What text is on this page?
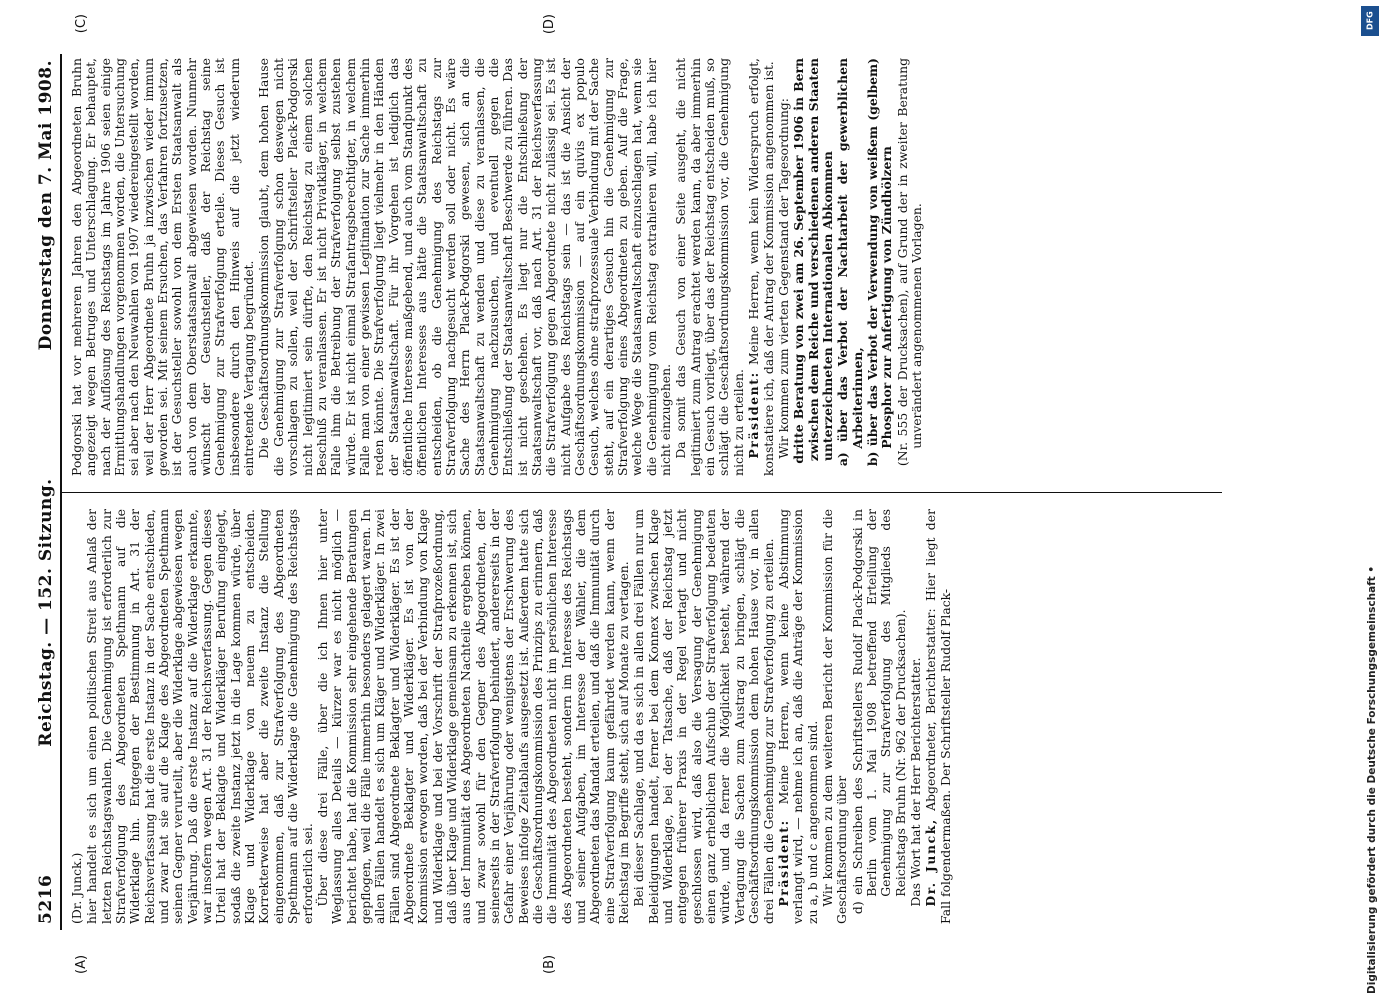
5216
Reichstag. — 152. Sitzung.
Donnerstag den 7. Mai 1908.
(A)	(B)
(C)	(D)

(Dr. Junck.) hier handelt es sich um einen politischen Streit aus Anlaß der letzten Reichstagswahlen. Die Genehmigung ist erforderlich zur Strafverfolgung des Abgeordneten Spethmann auf die Widerklage hin. Entgegen der Bestimmung in Art. 31 der Reichsverfassung hat die erste Instanz in der Sache entschieden, und zwar hat sie auf die Klage des Abgeordneten Spethmann seinen Gegner verurteilt, aber die Widerklage abgewiesen wegen Verjährung. Daß die erste Instanz auf die Widerklage erkannte, war insofern wegen Art. 31 der Reichsverfassung. Gegen dieses Urteil hat der Beklagte und Widerkläger Berufung eingelegt, sodaß die zweite Instanz jetzt in die Lage kommen würde, über Klage und Widerklage von neuem zu entscheiden. Korrekterweise hat aber die zweite Instanz die Stellung eingenommen, daß zur Strafverfolgung des Abgeordneten Spethmann auf die Widerklage die Genehmigung des Reichstags erforderlich sei. Über diese drei Fälle, über die ich Ihnen hier unter Weglassung alles Details — kürzer war es nicht möglich — berichtet habe, hat die Kommission sehr eingehende Beratungen gepflogen, weil die Fälle immerhin besonders gelagert waren. In allen Fällen handelt es sich um Kläger und Widerkläger. In zwei Fällen sind Abgeordnete Beklagter und Widerkläger. Es ist der Abgeordnete Beklagter und Widerkläger. Es ist von der Kommission erwogen worden, daß bei der Verbindung von Klage und Widerklage und bei der Vorschrift der Strafprozeßordnung, daß über Klage und Widerklage gemeinsam zu erkennen ist, sich aus der Immunität des Abgeordneten Nachteile ergeben können, und zwar sowohl für den Gegner des Abgeordneten, der seinerseits in der Strafverfolgung behindert, andererseits in der Gefahr einer Verjährung oder wenigstens der Erschwerung des Beweises infolge Zeitablaufs ausgesetzt ist. Außerdem hatte sich die Geschäftsordnungskommission des Prinzips zu erinnern, daß die Immunität des Abgeordneten nicht im persönlichen Interesse des Abgeordneten besteht, sondern im Interesse des Reichstags und seiner Aufgaben, im Interesse der Wähler, die dem Abgeordneten das Mandat erteilen, und daß die Immunität durch eine Strafverfolgung kaum gefährdet werden kann, wenn der Reichstag im Begriffe steht, sich auf Monate zu vertagen. Bei dieser Sachlage, und da es sich in allen drei Fällen nur um Beleidigungen handelt, ferner bei dem Konnex zwischen Klage und Widerklage, bei der Tatsache, daß der Reichstag jetzt entgegen früherer Praxis in der Regel vertagt und nicht geschlossen wird, daß also die Versagung der Genehmigung einen ganz erheblichen Aufschub der Strafverfolgung bedeuten würde, und da ferner die Möglichkeit besteht, während der Vertagung die Sachen zum Austrag zu bringen, schlägt die Geschäftsordnungskommission dem hohen Hause vor, in allen drei Fällen die Genehmigung zur Strafverfolgung zu erteilen. Präsident: Meine Herren, wenn keine Abstimmung verlangt wird, — nehme ich an, daß die Anträge der Kommission zu a, b und c angenommen sind. Wir kommen zu dem weiteren Bericht der Kommission für die Geschäftsordnung über d) ein Schreiben des Schriftstellers Rudolf Plack-Podgorski in Berlin vom 1. Mai 1908 betreffend Erteilung der Genehmigung zur Strafverfolgung des Mitglieds des Reichstags Bruhn (Nr. 962 der Drucksachen). Das Wort hat der Herr Berichterstatter. Dr. Junck, Abgeordneter, Berichterstatter: Hier liegt der Fall folgendermaßen. Der Schriftsteller Rudolf Plack-

Podgorski hat vor mehreren Jahren den Abgeordneten Bruhn angezeigt wegen Betruges und Unterschlagung. Er behauptet, nach der Auflösung des Reichstags im Jahre 1906 seien einige Ermittlungshandlungen vorgenommen worden, die Untersuchung sei aber nach den Neuwahlen von 1907 wiedereingestellt worden, weil der Herr Abgeordnete Bruhn ja inzwischen wieder immun geworden sei. Mit seinem Ersuchen, das Verfahren fortzusetzen, ist der Gesuchsteller sowohl von dem Ersten Staatsanwalt als auch von dem Oberstaatsanwalt abgewiesen worden. Nunmehr wünscht der Gesuchsteller, daß der Reichstag seine Genehmigung zur Strafverfolgung erteile. Dieses Gesuch ist insbesondere durch den Hinweis auf die jetzt wiederum eintretende Vertagung begründet. Die Geschäftsordnungskommission glaubt, dem hohen Hause die Genehmigung zur Strafverfolgung schon deswegen nicht vorschlagen zu sollen, weil der Schriftsteller Plack-Podgorski nicht legitimiert sein dürfte, den Reichstag zu einem solchen Beschluß zu veranlassen. Er ist nicht Privatkläger, in welchem Falle ihm die Betreibung der Strafverfolgung selbst zustehen würde. Er ist nicht einmal Strafantragsberechtigter, in welchem Falle man von einer gewissen Legitimation zur Sache immerhin reden könnte. Die Strafverfolgung liegt vielmehr in den Händen der Staatsanwaltschaft. Für ihr Vorgehen ist lediglich das öffentliche Interesse maßgebend, und auch vom Standpunkt des öffentlichen Interesses aus hätte die Staatsanwaltschaft zu entscheiden, ob die Genehmigung des Reichstags zur Strafverfolgung nachgesucht werden soll oder nicht. Es wäre Sache des Herrn Plack-Podgorski gewesen, sich an die Staatsanwaltschaft zu wenden und diese zu veranlassen, die Genehmigung nachzusuchen, und eventuell gegen die Entschließung der Staatsanwaltschaft Beschwerde zu führen. Das ist nicht geschehen. Es liegt nur die Entschließung der Staatsanwaltschaft vor, daß nach Art. 31 der Reichsverfassung die Strafverfolgung gegen Abgeordnete nicht zulässig sei. Es ist nicht Aufgabe des Reichstags sein — das ist die Ansicht der Geschäftsordnungskommission — auf ein quivis ex populo Gesuch, welches ohne strafprozessuale Verbindung mit der Sache steht, auf ein derartiges Gesuch hin die Genehmigung zur Strafverfolgung eines Abgeordneten zu geben. Auf die Frage, welche Wege die Staatsanwaltschaft einzuschlagen hat, wenn sie die Genehmigung vom Reichstag extrahieren will, habe ich hier nicht einzugehen. Da somit das Gesuch von einer Seite ausgeht, die nicht legitimiert zum Antrag erachtet werden kann, da aber immerhin ein Gesuch vorliegt, über das der Reichstag entscheiden muß, so schlägt die Geschäftsordnungskommission vor, die Genehmigung nicht zu erteilen. Präsident: Meine Herren, wenn kein Widerspruch erfolgt, konstatiere ich, daß der Antrag der Kommission angenommen ist. Wir kommen zum vierten Gegenstand der Tagesordnung: dritte Beratung von zwei am 26. September 1906 in Bern zwischen dem Reiche und verschiedenen anderen Staaten unterzeichneten Internationalen Abkommen a) über das Verbot der Nachtarbeit der gewerblichen Arbeiterinnen, b) über das Verbot der Verwendung von weißem (gelbem) Phosphor zur Anfertigung von Zündhölzern (Nr. 555 der Drucksachen), auf Grund der in zweiter Beratung unverändert angenommenen Vorlagen.

DFG
Digitalisierung gefördert durch die Deutsche Forschungsgemeinschaft •
